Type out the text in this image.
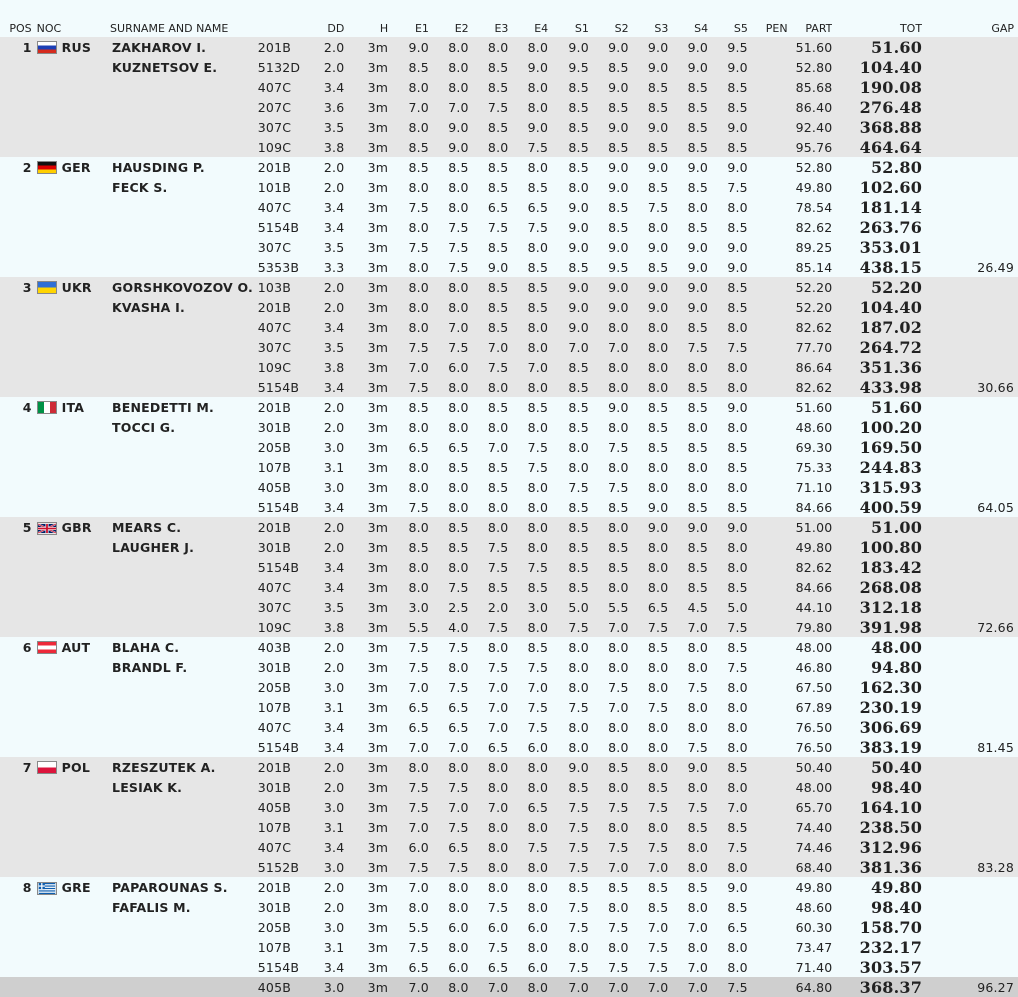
POS	NOC	SURNAME AND NAME		DD	H	E1	E2	E3	E4	S1	S2	S3	S4	S5	PEN	PART	TOT	GAP
1	RUS	ZAKHAROV I.	201B	2.0	3m	9.0	8.0	8.0	8.0	9.0	9.0	9.0	9.0	9.5		51.60	51.60	
		KUZNETSOV E.	5132D	2.0	3m	8.5	8.0	8.5	9.0	9.5	8.5	9.0	9.0	9.0		52.80	104.40	
			407C	3.4	3m	8.0	8.0	8.5	8.0	8.5	9.0	8.5	8.5	8.5		85.68	190.08	
			207C	3.6	3m	7.0	7.0	7.5	8.0	8.5	8.5	8.5	8.5	8.5		86.40	276.48	
			307C	3.5	3m	8.0	9.0	8.5	9.0	8.5	9.0	9.0	8.5	9.0		92.40	368.88	
			109C	3.8	3m	8.5	9.0	8.0	7.5	8.5	8.5	8.5	8.5	8.5		95.76	464.64	
2	GER	HAUSDING P.	201B	2.0	3m	8.5	8.5	8.5	8.0	8.5	9.0	9.0	9.0	9.0		52.80	52.80	
		FECK S.	101B	2.0	3m	8.0	8.0	8.5	8.5	8.0	9.0	8.5	8.5	7.5		49.80	102.60	
			407C	3.4	3m	7.5	8.0	6.5	6.5	9.0	8.5	7.5	8.0	8.0		78.54	181.14	
			5154B	3.4	3m	8.0	7.5	7.5	7.5	9.0	8.5	8.0	8.5	8.5		82.62	263.76	
			307C	3.5	3m	7.5	7.5	8.5	8.0	9.0	9.0	9.0	9.0	9.0		89.25	353.01	
			5353B	3.3	3m	8.0	7.5	9.0	8.5	8.5	9.5	8.5	9.0	9.0		85.14	438.15	26.49
3	UKR	GORSHKOVOZOV O.	103B	2.0	3m	8.0	8.0	8.5	8.5	9.0	9.0	9.0	9.0	8.5		52.20	52.20	
		KVASHA I.	201B	2.0	3m	8.0	8.0	8.5	8.5	9.0	9.0	9.0	9.0	8.5		52.20	104.40	
			407C	3.4	3m	8.0	7.0	8.5	8.0	9.0	8.0	8.0	8.5	8.0		82.62	187.02	
			307C	3.5	3m	7.5	7.5	7.0	8.0	7.0	7.0	8.0	7.5	7.5		77.70	264.72	
			109C	3.8	3m	7.0	6.0	7.5	7.0	8.5	8.0	8.0	8.0	8.0		86.64	351.36	
			5154B	3.4	3m	7.5	8.0	8.0	8.0	8.5	8.0	8.0	8.5	8.0		82.62	433.98	30.66
4	ITA	BENEDETTI M.	201B	2.0	3m	8.5	8.0	8.5	8.5	8.5	9.0	8.5	8.5	9.0		51.60	51.60	
		TOCCI G.	301B	2.0	3m	8.0	8.0	8.0	8.0	8.5	8.0	8.5	8.0	8.0		48.60	100.20	
			205B	3.0	3m	6.5	6.5	7.0	7.5	8.0	7.5	8.5	8.5	8.5		69.30	169.50	
			107B	3.1	3m	8.0	8.5	8.5	7.5	8.0	8.0	8.0	8.0	8.5		75.33	244.83	
			405B	3.0	3m	8.0	8.0	8.5	8.0	7.5	7.5	8.0	8.0	8.0		71.10	315.93	
			5154B	3.4	3m	7.5	8.0	8.0	8.0	8.5	8.5	9.0	8.5	8.5		84.66	400.59	64.05
5	GBR	MEARS C.	201B	2.0	3m	8.0	8.5	8.0	8.0	8.5	8.0	9.0	9.0	9.0		51.00	51.00	
		LAUGHER J.	301B	2.0	3m	8.5	8.5	7.5	8.0	8.5	8.5	8.0	8.5	8.0		49.80	100.80	
			5154B	3.4	3m	8.0	8.0	7.5	7.5	8.5	8.5	8.0	8.5	8.0		82.62	183.42	
			407C	3.4	3m	8.0	7.5	8.5	8.5	8.5	8.0	8.0	8.5	8.5		84.66	268.08	
			307C	3.5	3m	3.0	2.5	2.0	3.0	5.0	5.5	6.5	4.5	5.0		44.10	312.18	
			109C	3.8	3m	5.5	4.0	7.5	8.0	7.5	7.0	7.5	7.0	7.5		79.80	391.98	72.66
6	AUT	BLAHA C.	403B	2.0	3m	7.5	7.5	8.0	8.5	8.0	8.0	8.5	8.0	8.5		48.00	48.00	
		BRANDL F.	301B	2.0	3m	7.5	8.0	7.5	7.5	8.0	8.0	8.0	8.0	7.5		46.80	94.80	
			205B	3.0	3m	7.0	7.5	7.0	7.0	8.0	7.5	8.0	7.5	8.0		67.50	162.30	
			107B	3.1	3m	6.5	6.5	7.0	7.5	7.5	7.0	7.5	8.0	8.0		67.89	230.19	
			407C	3.4	3m	6.5	6.5	7.0	7.5	8.0	8.0	8.0	8.0	8.0		76.50	306.69	
			5154B	3.4	3m	7.0	7.0	6.5	6.0	8.0	8.0	8.0	7.5	8.0		76.50	383.19	81.45
7	POL	RZESZUTEK A.	201B	2.0	3m	8.0	8.0	8.0	8.0	9.0	8.5	8.0	9.0	8.5		50.40	50.40	
		LESIAK K.	301B	2.0	3m	7.5	7.5	8.0	8.0	8.5	8.0	8.5	8.0	8.0		48.00	98.40	
			405B	3.0	3m	7.5	7.0	7.0	6.5	7.5	7.5	7.5	7.5	7.0		65.70	164.10	
			107B	3.1	3m	7.0	7.5	8.0	8.0	7.5	8.0	8.0	8.5	8.5		74.40	238.50	
			407C	3.4	3m	6.0	6.5	8.0	7.5	7.5	7.5	7.5	8.0	7.5		74.46	312.96	
			5152B	3.0	3m	7.5	7.5	8.0	8.0	7.5	7.0	7.0	8.0	8.0		68.40	381.36	83.28
8	GRE	PAPAROUNAS S.	201B	2.0	3m	7.0	8.0	8.0	8.0	8.5	8.5	8.5	8.5	9.0		49.80	49.80	
		FAFALIS M.	301B	2.0	3m	8.0	8.0	7.5	8.0	7.5	8.0	8.5	8.0	8.5		48.60	98.40	
			205B	3.0	3m	5.5	6.0	6.0	6.0	7.5	7.5	7.0	7.0	6.5		60.30	158.70	
			107B	3.1	3m	7.5	8.0	7.5	8.0	8.0	8.0	7.5	8.0	8.0		73.47	232.17	
			5154B	3.4	3m	6.5	6.0	6.5	6.0	7.5	7.5	7.5	7.0	8.0		71.40	303.57	
			405B	3.0	3m	7.0	8.0	7.0	8.0	7.0	7.0	7.0	7.0	7.5		64.80	368.37	96.27
